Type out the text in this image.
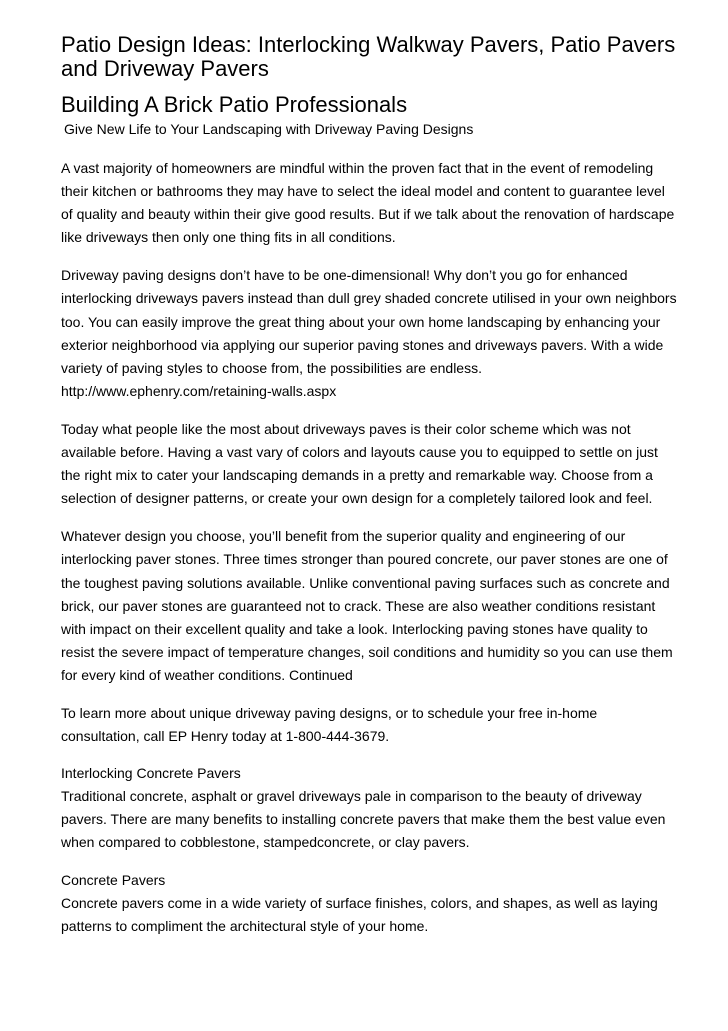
Patio Design Ideas: Interlocking Walkway Pavers, Patio Pavers and Driveway Pavers
Building A Brick Patio Professionals

Give New Life to Your Landscaping with Driveway Paving Designs

A vast majority of homeowners are mindful within the proven fact that in the event of remodeling their kitchen or bathrooms they may have to select the ideal model and content to guarantee level of quality and beauty within their give good results. But if we talk about the renovation of hardscape like driveways then only one thing fits in all conditions.

Driveway paving designs don’t have to be one-dimensional! Why don’t you go for enhanced interlocking driveways pavers instead than dull grey shaded concrete utilised in your own neighbors too. You can easily improve the great thing about your own home landscaping by enhancing your exterior neighborhood via applying our superior paving stones and driveways pavers. With a wide variety of paving styles to choose from, the possibilities are endless. http://www.ephenry.com/retaining-walls.aspx

Today what people like the most about driveways paves is their color scheme which was not available before. Having a vast vary of colors and layouts cause you to equipped to settle on just the right mix to cater your landscaping demands in a pretty and remarkable way. Choose from a selection of designer patterns, or create your own design for a completely tailored look and feel.

Whatever design you choose, you’ll benefit from the superior quality and engineering of our interlocking paver stones. Three times stronger than poured concrete, our paver stones are one of the toughest paving solutions available. Unlike conventional paving surfaces such as concrete and brick, our paver stones are guaranteed not to crack. These are also weather conditions resistant with impact on their excellent quality and take a look. Interlocking paving stones have quality to resist the severe impact of temperature changes, soil conditions and humidity so you can use them for every kind of weather conditions. Continued

To learn more about unique driveway paving designs, or to schedule your free in-home consultation, call EP Henry today at 1-800-444-3679.

Interlocking Concrete Pavers
Traditional concrete, asphalt or gravel driveways pale in comparison to the beauty of driveway pavers. There are many benefits to installing concrete pavers that make them the best value even when compared to cobblestone, stampedconcrete, or clay pavers.

Concrete Pavers
Concrete pavers come in a wide variety of surface finishes, colors, and shapes, as well as laying patterns to compliment the architectural style of your home.
